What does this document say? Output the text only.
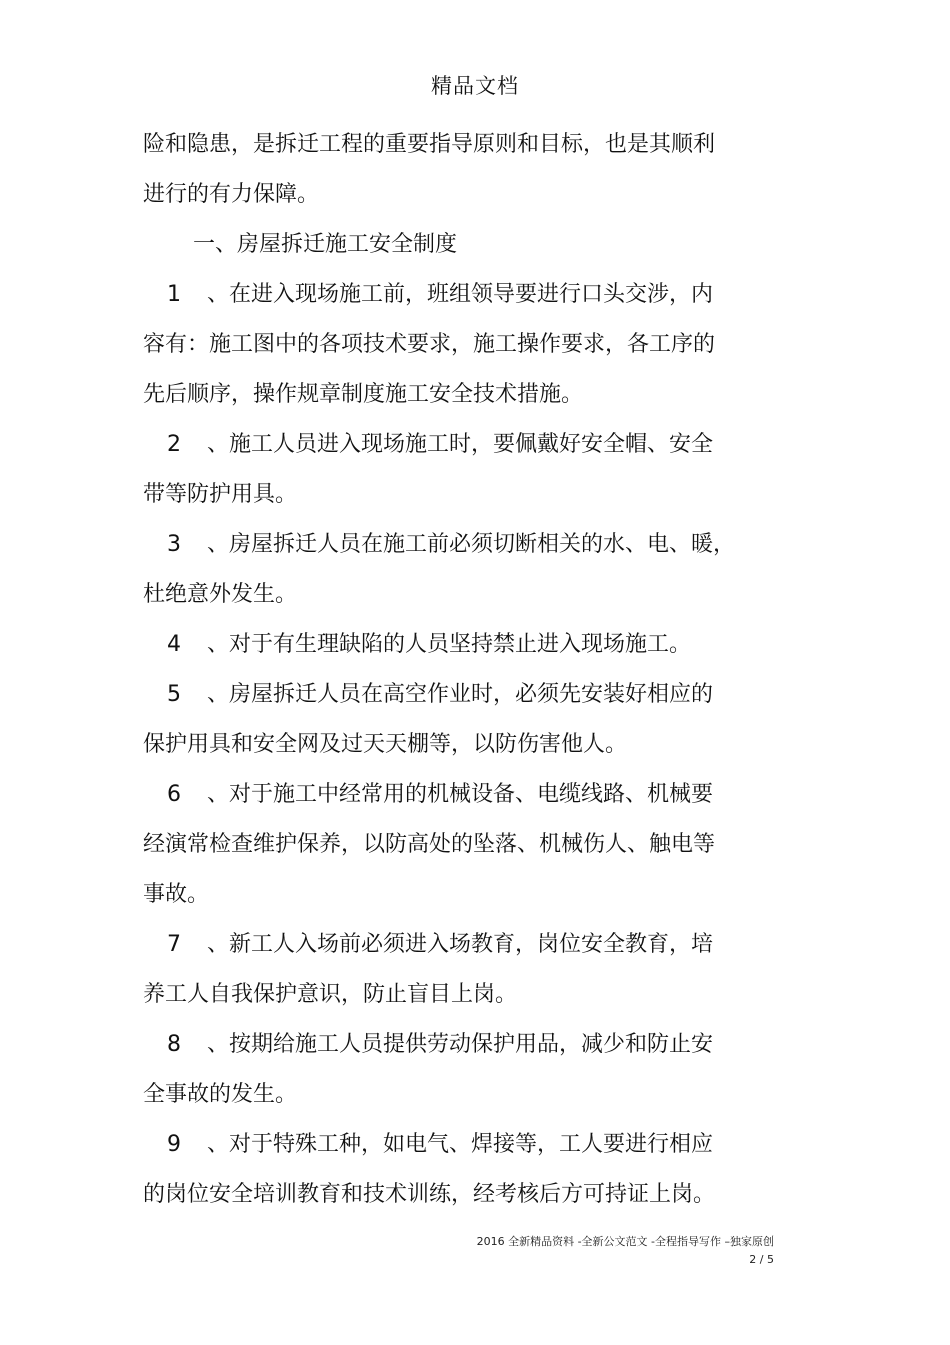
精品文档
险和隐患，是拆迁工程的重要指导原则和目标，也是其顺利
进行的有力保障。
一、房屋拆迁施工安全制度
1 、在进入现场施工前，班组领导要进行口头交涉，内
容有：施工图中的各项技术要求，施工操作要求，各工序的
先后顺序，操作规章制度施工安全技术措施。
2 、施工人员进入现场施工时，要佩戴好安全帽、安全
带等防护用具。
3 、房屋拆迁人员在施工前必须切断相关的水、电、暖，
杜绝意外发生。
4 、对于有生理缺陷的人员坚持禁止进入现场施工。
5 、房屋拆迁人员在高空作业时，必须先安装好相应的
保护用具和安全网及过天天棚等，以防伤害他人。
6 、对于施工中经常用的机械设备、电缆线路、机械要
经演常检查维护保养，以防高处的坠落、机械伤人、触电等
事故。
7 、新工人入场前必须进入场教育，岗位安全教育，培
养工人自我保护意识，防止盲目上岗。
8 、按期给施工人员提供劳动保护用品，减少和防止安
全事故的发生。
9 、对于特殊工种，如电气、焊接等，工人要进行相应
的岗位安全培训教育和技术训练，经考核后方可持证上岗。
2016 全新精品资料 -全新公文范文 -全程指导写作 –独家原创
2 / 5
